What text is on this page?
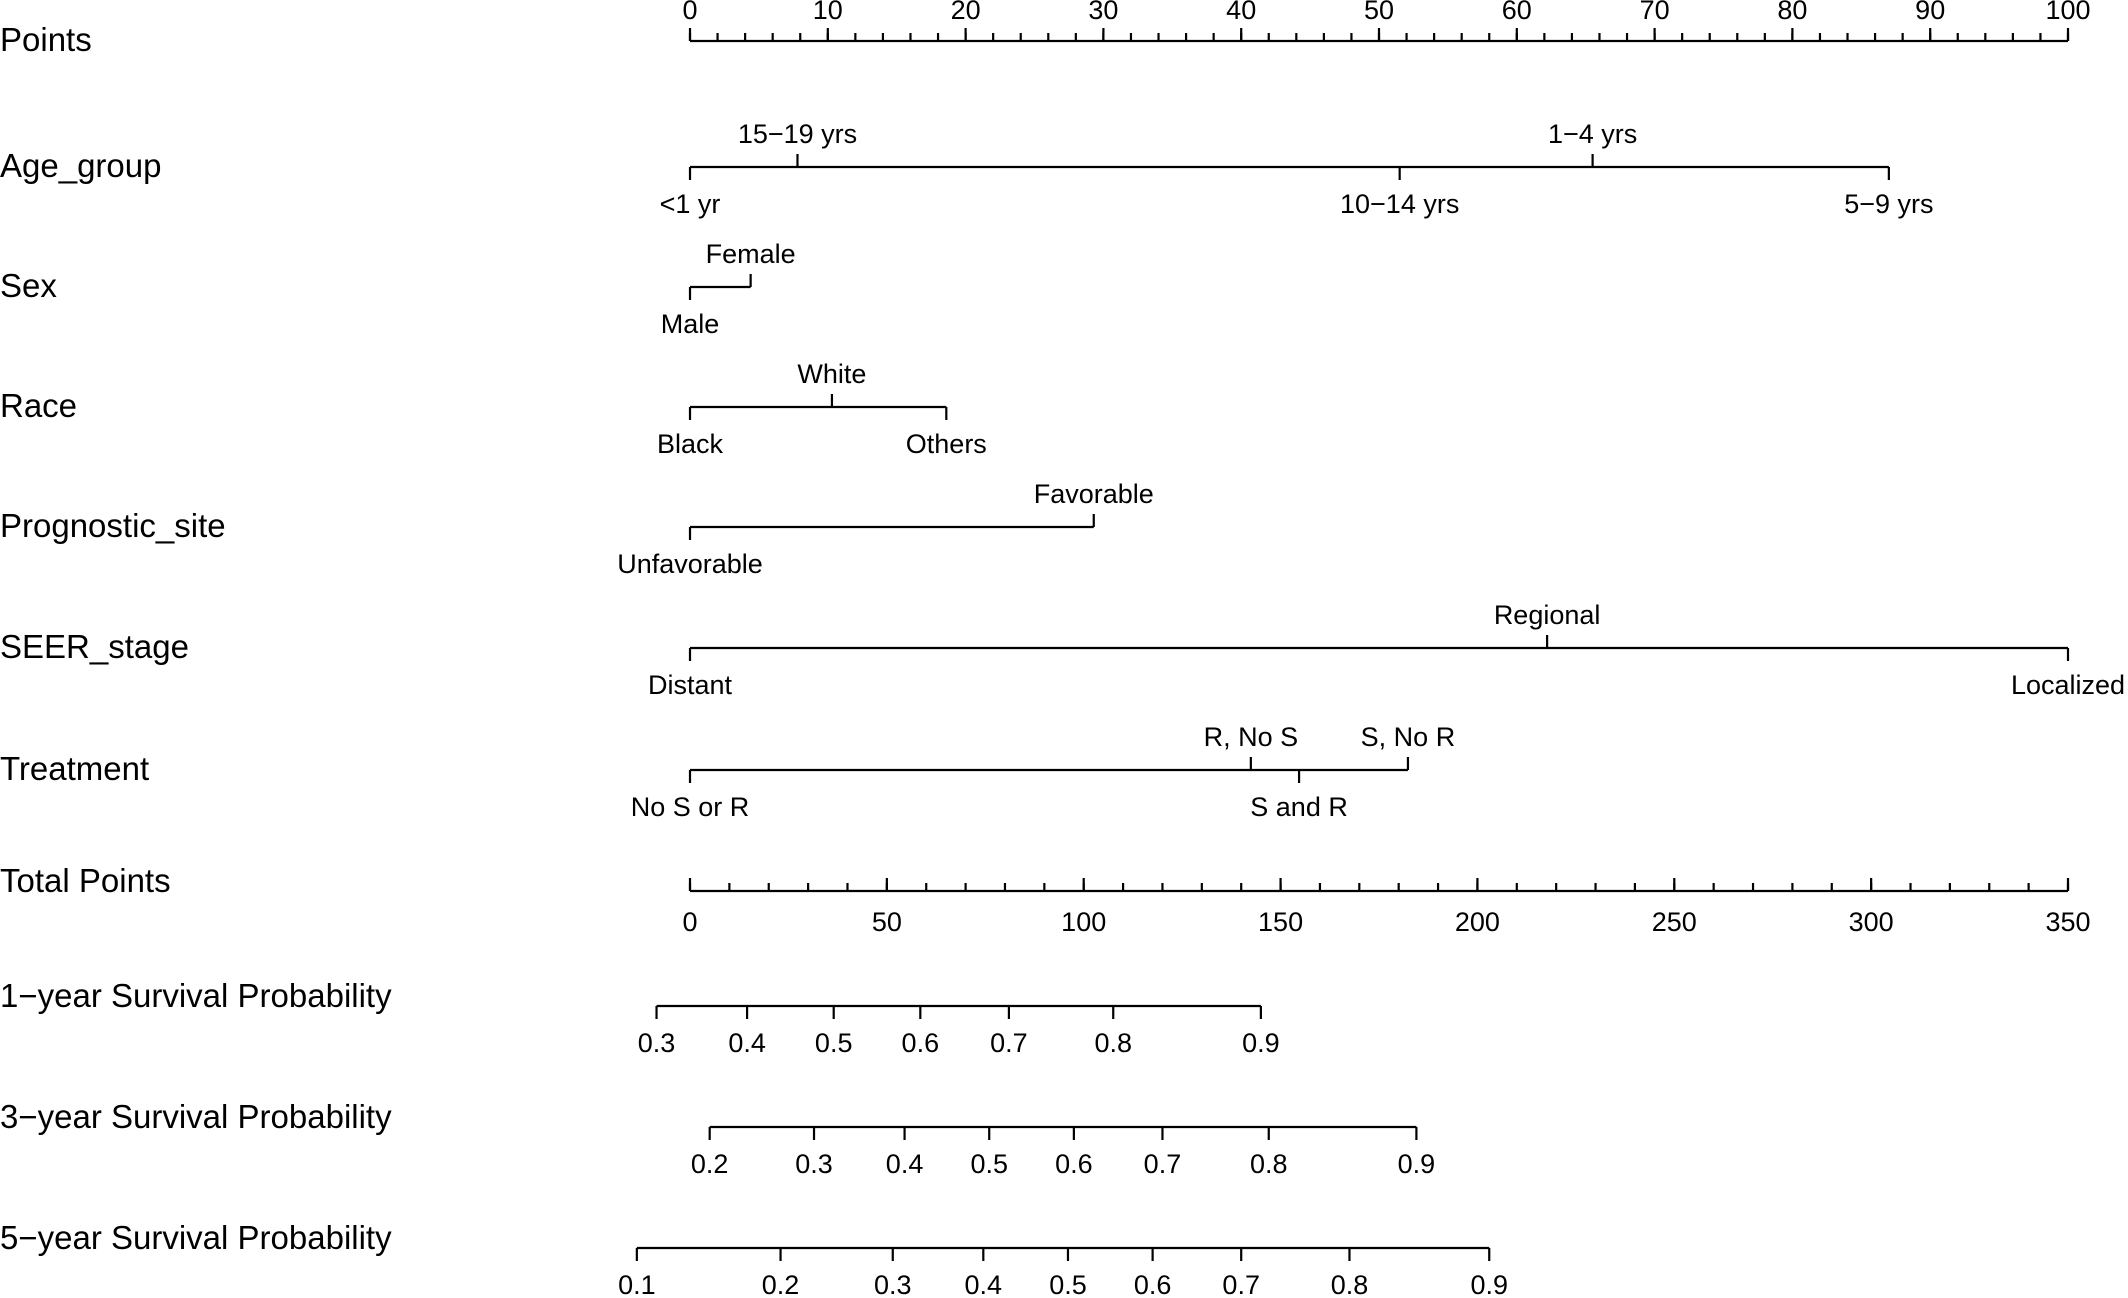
Points
0	10	20	30	40	50	60	70	80	90	100
Age_group
<1 yr
15−19 yrs
10−14 yrs
1−4 yrs
5−9 yrs
Sex
Male
Female
Race
Black
White
Others
Prognostic_site
Unfavorable
Favorable
SEER_stage
Distant
Regional
Localized
Treatment
No S or R
R, No S
S and R
S, No R
Total Points
0	50	100	150	200	250	300	350
1−year Survival Probability
0.3 0.4 0.5 0.6 0.7 0.8	0.9
3−year Survival Probability
0.2 0.3 0.4 0.5 0.6 0.7	0.8	0.9
5−year Survival Probability
0.1	0.2	0.3 0.4 0.5 0.6 0.7	0.8	0.9
